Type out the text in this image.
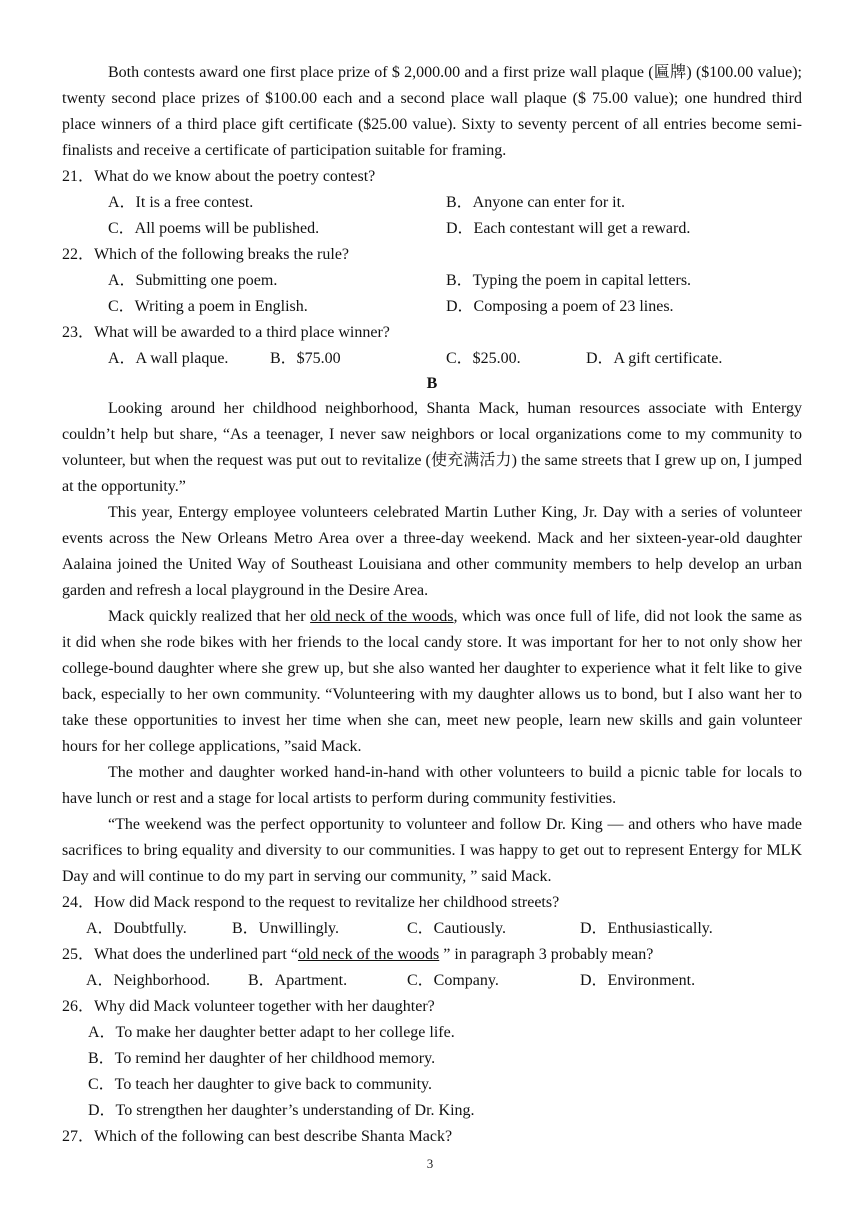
Both contests award one first place prize of $ 2,000.00 and a first prize wall plaque (匾牌) ($100.00 value); twenty second place prizes of $100.00 each and a second place wall plaque ($ 75.00 value); one hundred third place winners of a third place gift certificate ($25.00 value). Sixty to seventy percent of all entries become semi-finalists and receive a certificate of participation suitable for framing.

21．What do we know about the poetry contest?
A．It is a free contest.	B．Anyone can enter for it.
C．All poems will be published.	D．Each contestant will get a reward.
22．Which of the following breaks the rule?
A．Submitting one poem.	B．Typing the poem in capital letters.
C．Writing a poem in English.	D．Composing a poem of 23 lines.
23．What will be awarded to a third place winner?
A．A wall plaque.	B．$75.00	C．$25.00.	D．A gift certificate.
B

Looking around her childhood neighborhood, Shanta Mack, human resources associate with Entergy couldn’t help but share, “As a teenager, I never saw neighbors or local organizations come to my community to volunteer, but when the request was put out to revitalize (使充满活力) the same streets that I grew up on, I jumped at the opportunity.”

This year, Entergy employee volunteers celebrated Martin Luther King, Jr. Day with a series of volunteer events across the New Orleans Metro Area over a three-day weekend. Mack and her sixteen-year-old daughter Aalaina joined the United Way of Southeast Louisiana and other community members to help develop an urban garden and refresh a local playground in the Desire Area.

Mack quickly realized that her old neck of the woods, which was once full of life, did not look the same as it did when she rode bikes with her friends to the local candy store. It was important for her to not only show her college-bound daughter where she grew up, but she also wanted her daughter to experience what it felt like to give back, especially to her own community. “Volunteering with my daughter allows us to bond, but I also want her to take these opportunities to invest her time when she can, meet new people, learn new skills and gain volunteer hours for her college applications, ”said Mack.

The mother and daughter worked hand-in-hand with other volunteers to build a picnic table for locals to have lunch or rest and a stage for local artists to perform during community festivities.

“The weekend was the perfect opportunity to volunteer and follow Dr. King — and others who have made sacrifices to bring equality and diversity to our communities. I was happy to get out to represent Entergy for MLK Day and will continue to do my part in serving our community, ” said Mack.

24．How did Mack respond to the request to revitalize her childhood streets?
A．Doubtfully.	B．Unwillingly.	C．Cautiously.	D．Enthusiastically.
25．What does the underlined part “old neck of the woods ” in paragraph 3 probably mean?
A．Neighborhood. B．Apartment.	C．Company.	D．Environment.
26．Why did Mack volunteer together with her daughter?
A．To make her daughter better adapt to her college life.
B．To remind her daughter of her childhood memory.
C．To teach her daughter to give back to community.
D．To strengthen her daughter’s understanding of Dr. King.
27．Which of the following can best describe Shanta Mack?
3
